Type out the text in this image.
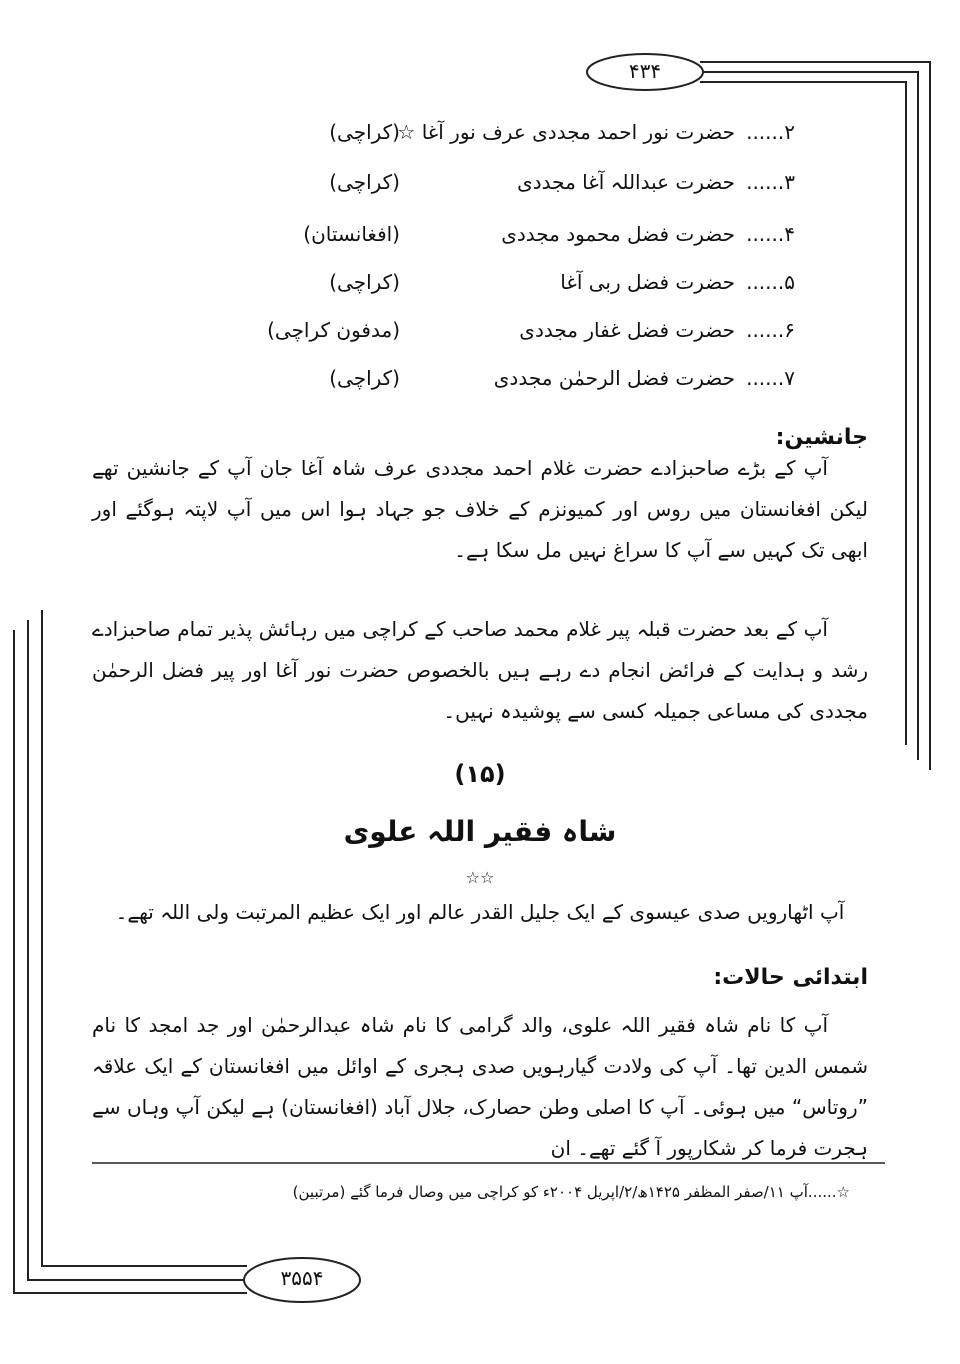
۴۳۴
۳۵۵۴
۲......
حضرت نور احمد مجددی عرف نور آغا ☆
(کراچی)
۳......
حضرت عبداللہ آغا مجددی
(کراچی)
۴......
حضرت فضل محمود مجددی
(افغانستان)
۵......
حضرت فضل ربی آغا
(کراچی)
۶......
حضرت فضل غفار مجددی
(مدفون کراچی)
۷......
حضرت فضل الرحمٰن مجددی
(کراچی)
جانشین:

آپ کے بڑے صاحبزادے حضرت غلام احمد مجددی عرف شاہ آغا جان آپ کے جانشین تھے لیکن افغانستان میں روس اور کمیونزم کے خلاف جو جہاد ہوا اس میں آپ لاپتہ ہوگئے اور ابھی تک کہیں سے آپ کا سراغ نہیں مل سکا ہے۔

آپ کے بعد حضرت قبلہ پیر غلام محمد صاحب کے کراچی میں رہائش پذیر تمام صاحبزادے رشد و ہدایت کے فرائض انجام دے رہے ہیں بالخصوص حضرت نور آغا اور پیر فضل الرحمٰن مجددی کی مساعی جمیلہ کسی سے پوشیدہ نہیں۔

(۱۵)
شاہ فقیر اللہ علوی
☆☆
آپ اٹھارویں صدی عیسوی کے ایک جلیل القدر عالم اور ایک عظیم المرتبت ولی اللہ تھے۔
ابتدائی حالات:

آپ کا نام شاہ فقیر اللہ علوی، والد گرامی کا نام شاہ عبدالرحمٰن اور جد امجد کا نام شمس الدین تھا۔ آپ کی ولادت گیارہویں صدی ہجری کے اوائل میں افغانستان کے ایک علاقہ ”روتاس“ میں ہوئی۔ آپ کا اصلی وطن حصارک، جلال آباد (افغانستان) ہے لیکن آپ وہاں سے ہجرت فرما کر شکارپور آ گئے تھے۔ ان

☆......آپ ۱۱/صفر المظفر ۱۴۲۵ھ/۲/اپریل ۲۰۰۴ء کو کراچی میں وصال فرما گئے (مرتبین)
